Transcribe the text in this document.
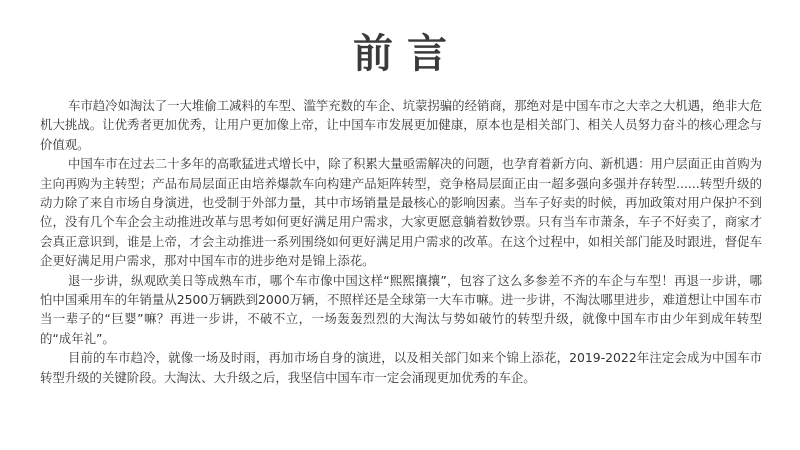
前言

车市趋冷如淘汰了一大堆偷工减料的车型、滥竽充数的车企、坑蒙拐骗的经销商，那绝对是中国车市之大幸之大机遇，绝非大危机大挑战。让优秀者更加优秀，让用户更加像上帝，让中国车市发展更加健康，原本也是相关部门、相关人员努力奋斗的核心理念与价值观。

中国车市在过去二十多年的高歌猛进式增长中，除了积累大量亟需解决的问题，也孕育着新方向、新机遇：用户层面正由首购为主向再购为主转型；产品布局层面正由培养爆款车向构建产品矩阵转型，竞争格局层面正由一超多强向多强并存转型......转型升级的动力除了来自市场自身演进，也受制于外部力量，其中市场销量是最核心的影响因素。当车子好卖的时候，再加政策对用户保护不到位，没有几个车企会主动推进改革与思考如何更好满足用户需求，大家更愿意躺着数钞票。只有当车市萧条，车子不好卖了，商家才会真正意识到，谁是上帝，才会主动推进一系列围绕如何更好满足用户需求的改革。在这个过程中，如相关部门能及时跟进，督促车企更好满足用户需求，那对中国车市的进步绝对是锦上添花。

退一步讲，纵观欧美日等成熟车市，哪个车市像中国这样“熙熙攘攘”，包容了这么多参差不齐的车企与车型！再退一步讲，哪怕中国乘用车的年销量从2500万辆跌到2000万辆，不照样还是全球第一大车市嘛。进一步讲，不淘汰哪里进步，难道想让中国车市当一辈子的“巨婴”嘛？再进一步讲，不破不立，一场轰轰烈烈的大淘汰与势如破竹的转型升级，就像中国车市由少年到成年转型的“成年礼”。

目前的车市趋冷，就像一场及时雨，再加市场自身的演进，以及相关部门如来个锦上添花，2019-2022年注定会成为中国车市转型升级的关键阶段。大淘汰、大升级之后，我坚信中国车市一定会涌现更加优秀的车企。
